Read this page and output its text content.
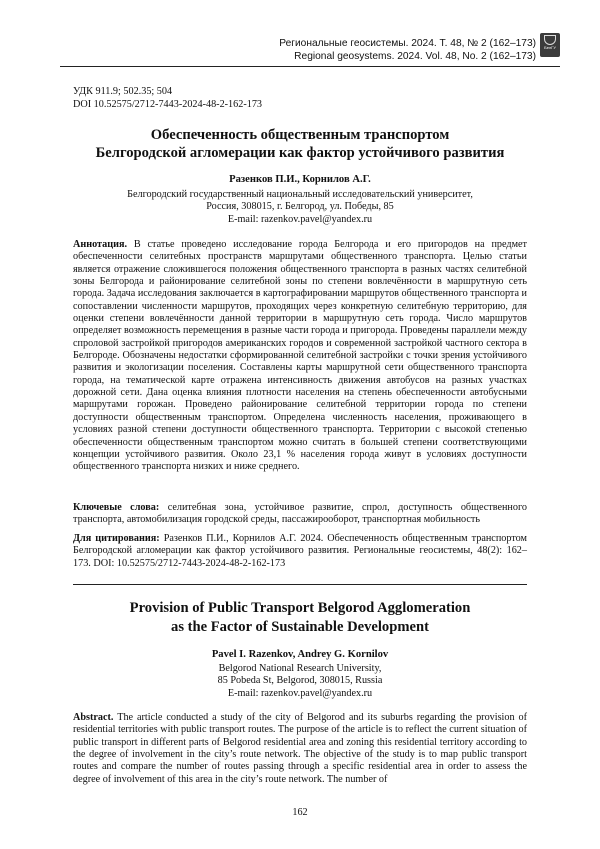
Региональные геосистемы. 2024. Т. 48, № 2 (162–173)
Regional geosystems. 2024. Vol. 48, No. 2 (162–173)
БелГУ
УДК 911.9; 502.35; 504
DOI 10.52575/2712-7443-2024-48-2-162-173
Обеспеченность общественным транспортом
Белгородской агломерации как фактор устойчивого развития
Разенков П.И., Корнилов А.Г.
Белгородский государственный национальный исследовательский университет,
Россия, 308015, г. Белгород, ул. Победы, 85
E-mail: razenkov.pavel@yandex.ru
Аннотация. В статье проведено исследование города Белгорода и его пригородов на предмет обеспеченности селитебных пространств маршрутами общественного транспорта. Целью статьи является отражение сложившегося положения общественного транспорта в разных частях селитебной зоны Белгорода и районирование селитебной зоны по степени вовлечённости в маршрутную сеть города. Задача исследования заключается в картографировании маршрутов общественного транспорта и сопоставлении численности маршрутов, проходящих через конкретную селитебную территорию, для оценки степени вовлечённости данной территории в маршрутную сеть города. Число маршрутов определяет возможность перемещения в разные части города и пригорода. Проведены параллели между спроловой застройкой пригородов американских городов и современной застройкой частного сектора в Белгороде. Обозначены недостатки сформированной селитебной застройки с точки зрения устойчивого развития и экологизации поселения. Составлены карты маршрутной сети общественного транспорта города, на тематической карте отражена интенсивность движения автобусов на разных участках дорожной сети. Дана оценка влияния плотности населения на степень обеспеченности автобусными маршрутами горожан. Проведено районирование селитебной территории города по степени доступности общественным транспортом. Определена численность населения, проживающего в условиях разной степени доступности общественного транспорта. Территории с высокой степенью обеспеченности общественным транспортом можно считать в большей степени соответствующими концепции устойчивого развития. Около 23,1 % населения города живут в условиях доступности общественного транспорта низких и ниже среднего.
Ключевые слова: селитебная зона, устойчивое развитие, спрол, доступность общественного транспорта, автомобилизация городской среды, пассажирооборот, транспортная мобильность
Для цитирования: Разенков П.И., Корнилов А.Г. 2024. Обеспеченность общественным транспортом Белгородской агломерации как фактор устойчивого развития. Региональные геосистемы, 48(2): 162–173. DOI: 10.52575/2712-7443-2024-48-2-162-173
Provision of Public Transport Belgorod Agglomeration
as the Factor of Sustainable Development
Pavel I. Razenkov, Andrey G. Kornilov
Belgorod National Research University,
85 Pobeda St, Belgorod, 308015, Russia
E-mail: razenkov.pavel@yandex.ru
Abstract. The article conducted a study of the city of Belgorod and its suburbs regarding the provision of residential territories with public transport routes. The purpose of the article is to reflect the current situation of public transport in different parts of Belgorod residential area and zoning this residential territory according to the degree of involvement in the city’s route network. The objective of the study is to map public transport routes and compare the number of routes passing through a specific residential area in order to assess the degree of involvement of this area in the city’s route network. The number of
162
